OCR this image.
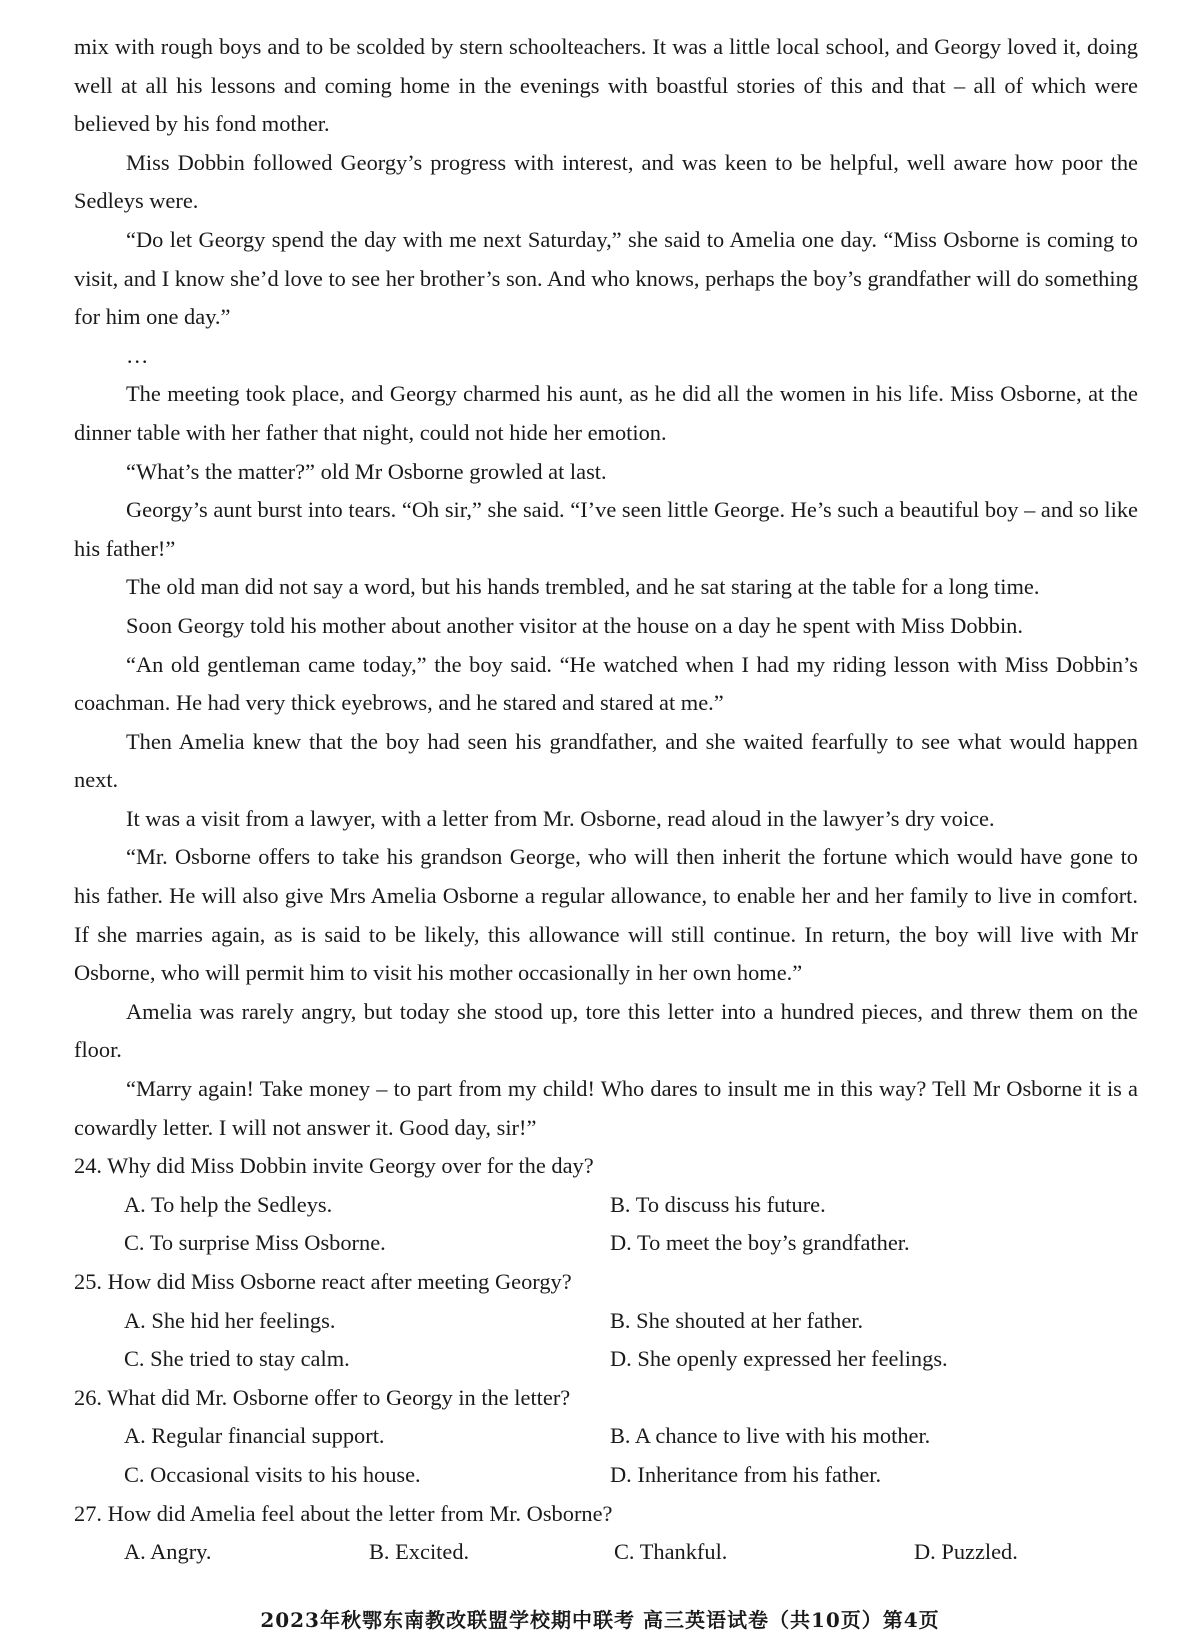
mix with rough boys and to be scolded by stern schoolteachers. It was a little local school, and Georgy loved it, doing well at all his lessons and coming home in the evenings with boastful stories of this and that – all of which were believed by his fond mother.

Miss Dobbin followed Georgy’s progress with interest, and was keen to be helpful, well aware how poor the Sedleys were.

“Do let Georgy spend the day with me next Saturday,” she said to Amelia one day. “Miss Osborne is coming to visit, and I know she’d love to see her brother’s son. And who knows, perhaps the boy’s grandfather will do something for him one day.”

…

The meeting took place, and Georgy charmed his aunt, as he did all the women in his life. Miss Osborne, at the dinner table with her father that night, could not hide her emotion.

“What’s the matter?” old Mr Osborne growled at last.

Georgy’s aunt burst into tears. “Oh sir,” she said. “I’ve seen little George. He’s such a beautiful boy – and so like his father!”

The old man did not say a word, but his hands trembled, and he sat staring at the table for a long time.

Soon Georgy told his mother about another visitor at the house on a day he spent with Miss Dobbin.

“An old gentleman came today,” the boy said. “He watched when I had my riding lesson with Miss Dobbin’s coachman. He had very thick eyebrows, and he stared and stared at me.”

Then Amelia knew that the boy had seen his grandfather, and she waited fearfully to see what would happen next.

It was a visit from a lawyer, with a letter from Mr. Osborne, read aloud in the lawyer’s dry voice.

“Mr. Osborne offers to take his grandson George, who will then inherit the fortune which would have gone to his father. He will also give Mrs Amelia Osborne a regular allowance, to enable her and her family to live in comfort. If she marries again, as is said to be likely, this allowance will still continue. In return, the boy will live with Mr Osborne, who will permit him to visit his mother occasionally in her own home.”

Amelia was rarely angry, but today she stood up, tore this letter into a hundred pieces, and threw them on the floor.

“Marry again! Take money – to part from my child! Who dares to insult me in this way? Tell Mr Osborne it is a cowardly letter. I will not answer it. Good day, sir!”

24. Why did Miss Dobbin invite Georgy over for the day?

A. To help the Sedleys.	B. To discuss his future.
C. To surprise Miss Osborne.	D. To meet the boy’s grandfather.

25. How did Miss Osborne react after meeting Georgy?

A. She hid her feelings.	B. She shouted at her father.
C. She tried to stay calm.	D. She openly expressed her feelings.

26. What did Mr. Osborne offer to Georgy in the letter?

A. Regular financial support.	B. A chance to live with his mother.
C. Occasional visits to his house.	D. Inheritance from his father.

27. How did Amelia feel about the letter from Mr. Osborne?

A. Angry.	B. Excited.	C. Thankful.	D. Puzzled.
2023年秋鄂东南教改联盟学校期中联考 高三英语试卷（共10页）第4页
